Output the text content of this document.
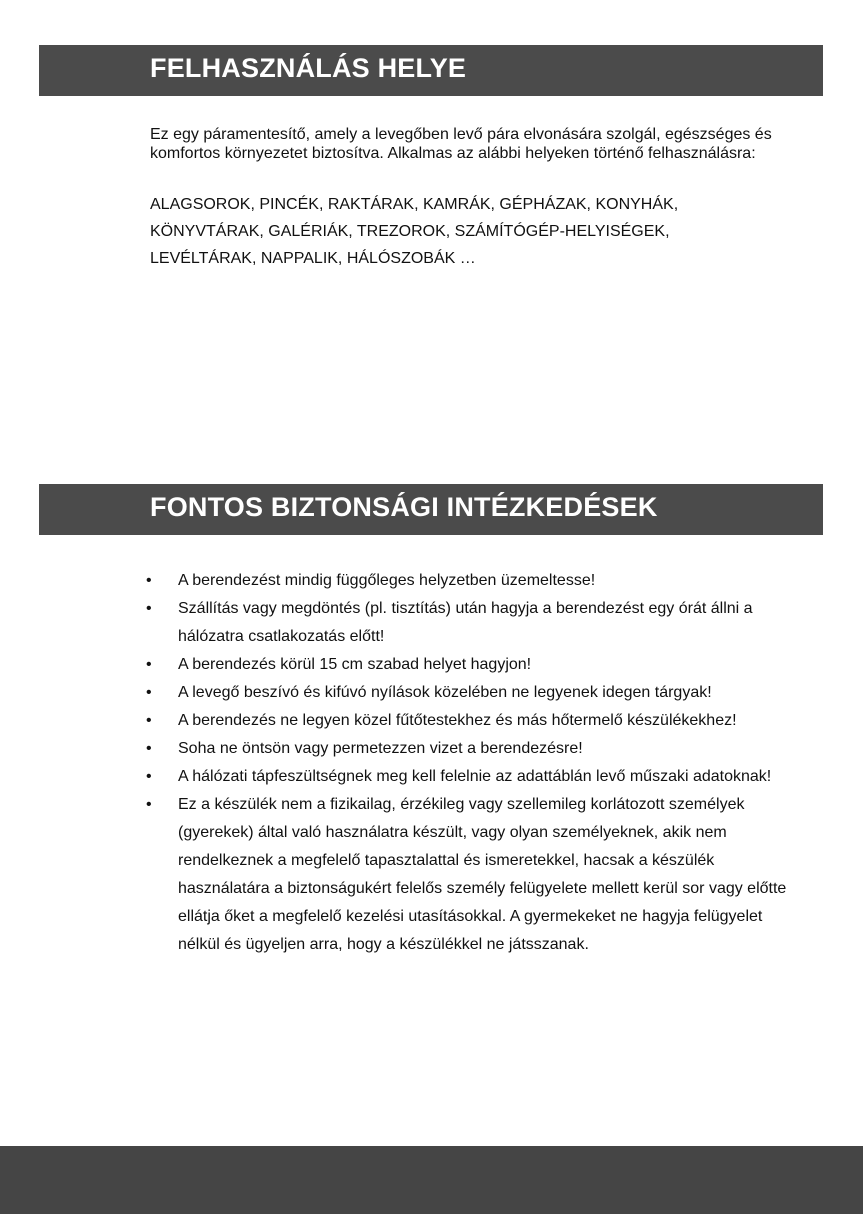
FELHASZNÁLÁS HELYE

Ez egy páramentesítő, amely a levegőben levő pára elvonására szolgál, egészséges és komfortos környezetet biztosítva. Alkalmas az alábbi helyeken történő felhasználásra:

ALAGSOROK, PINCÉK, RAKTÁRAK, KAMRÁK, GÉPHÁZAK, KONYHÁK,
KÖNYVTÁRAK, GALÉRIÁK, TREZOROK, SZÁMÍTÓGÉP-HELYISÉGEK,
LEVÉLTÁRAK, NAPPALIK, HÁLÓSZOBÁK …
FONTOS BIZTONSÁGI INTÉZKEDÉSEK
• A berendezést mindig függőleges helyzetben üzemeltesse!
• Szállítás vagy megdöntés (pl. tisztítás) után hagyja a berendezést egy órát állni a hálózatra csatlakozatás előtt!
• A berendezés körül 15 cm szabad helyet hagyjon!
• A levegő beszívó és kifúvó nyílások közelében ne legyenek idegen tárgyak!
• A berendezés ne legyen közel fűtőtestekhez és más hőtermelő készülékekhez!
• Soha ne öntsön vagy permetezzen vizet a berendezésre!
• A hálózati tápfeszültségnek meg kell felelnie az adattáblán levő műszaki adatoknak!
• Ez a készülék nem a fizikailag, érzékileg vagy szellemileg korlátozott személyek (gyerekek) által való használatra készült, vagy olyan személyeknek, akik nem rendelkeznek a megfelelő tapasztalattal és ismeretekkel, hacsak a készülék használatára a biztonságukért felelős személy felügyelete mellett kerül sor vagy előtte ellátja őket a megfelelő kezelési utasításokkal. A gyermekeket ne hagyja felügyelet nélkül és ügyeljen arra, hogy a készülékkel ne játsszanak.
